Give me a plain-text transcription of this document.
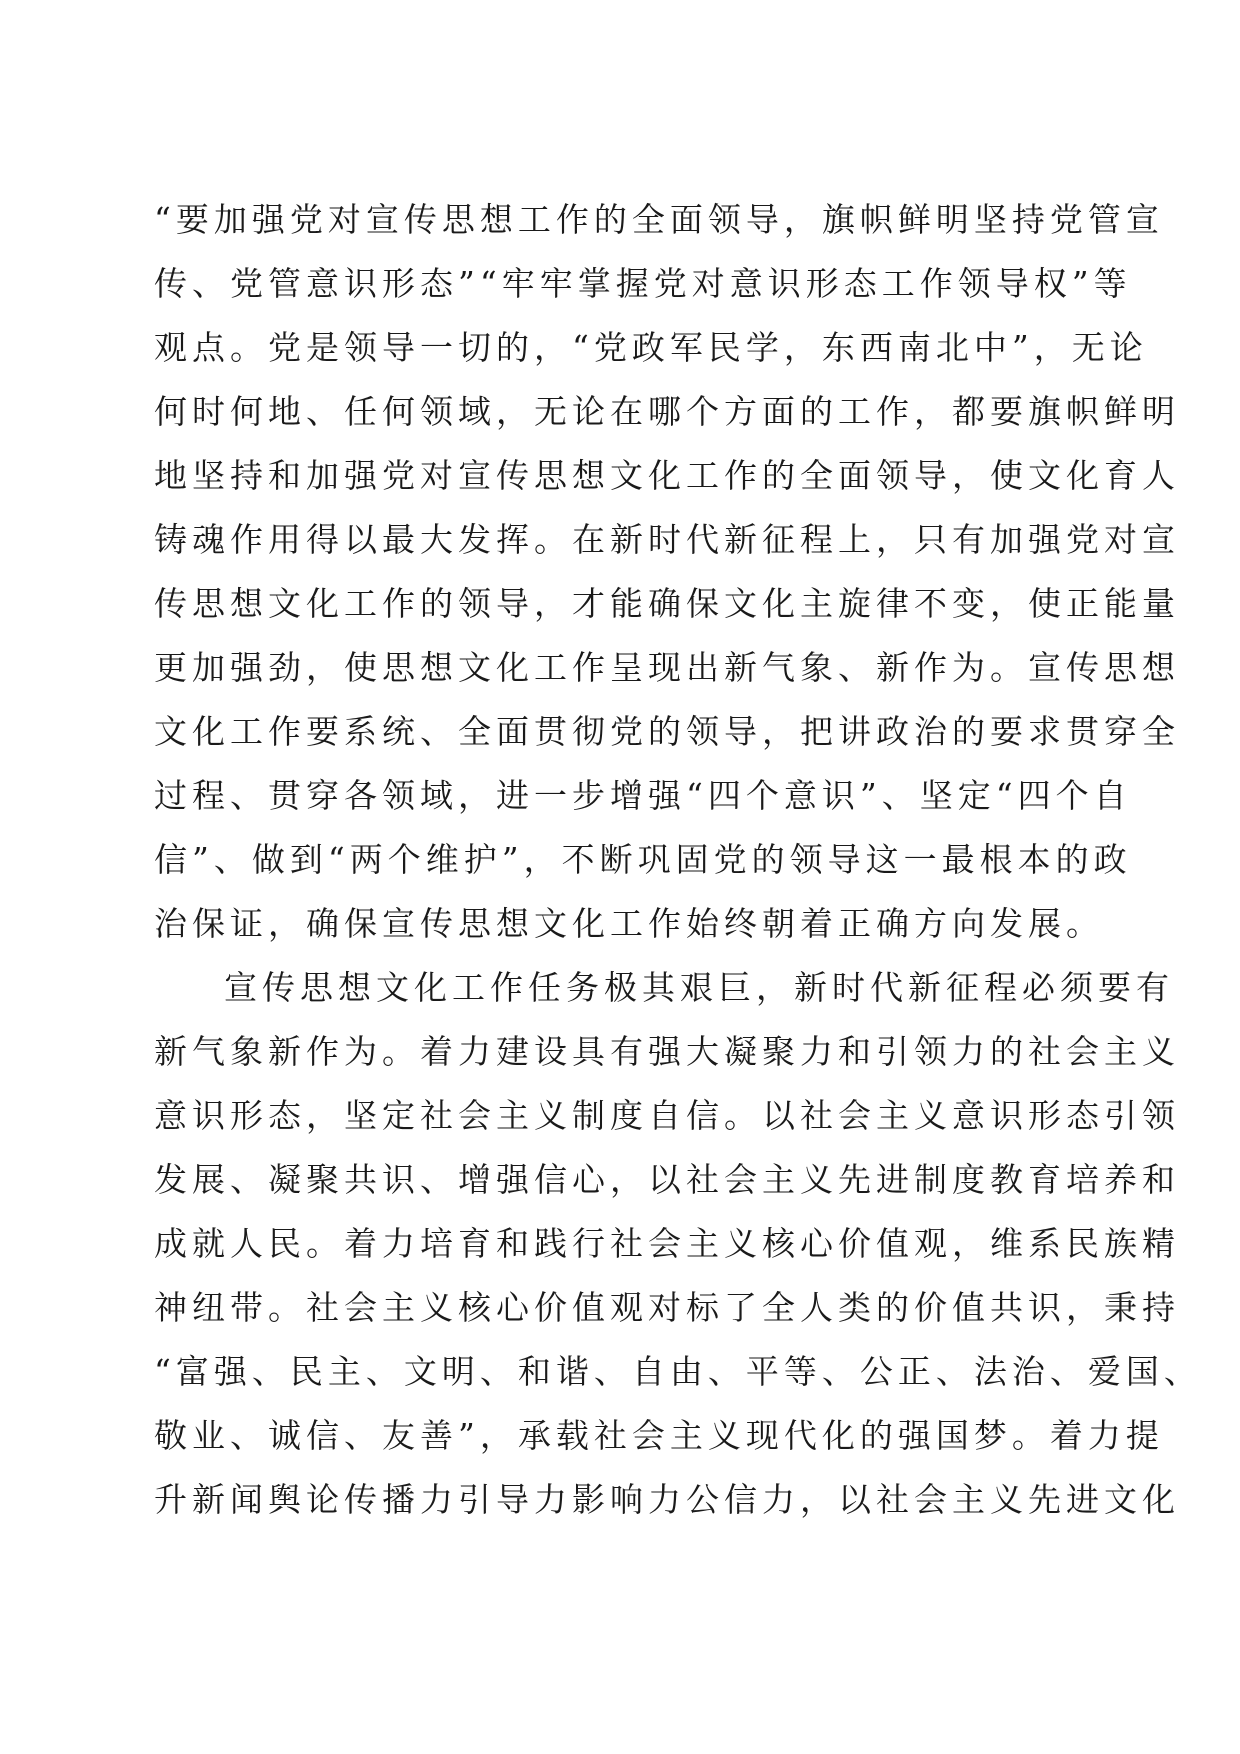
“要加强党对宣传思想工作的全面领导，旗帜鲜明坚持党管宣
传、党管意识形态”“牢牢掌握党对意识形态工作领导权”等
观点。党是领导一切的，“党政军民学，东西南北中”，无论
何时何地、任何领域，无论在哪个方面的工作，都要旗帜鲜明
地坚持和加强党对宣传思想文化工作的全面领导，使文化育人
铸魂作用得以最大发挥。在新时代新征程上，只有加强党对宣
传思想文化工作的领导，才能确保文化主旋律不变，使正能量
更加强劲，使思想文化工作呈现出新气象、新作为。宣传思想
文化工作要系统、全面贯彻党的领导，把讲政治的要求贯穿全
过程、贯穿各领域，进一步增强“四个意识”、坚定“四个自
信”、做到“两个维护”，不断巩固党的领导这一最根本的政
治保证，确保宣传思想文化工作始终朝着正确方向发展。
宣传思想文化工作任务极其艰巨，新时代新征程必须要有
新气象新作为。着力建设具有强大凝聚力和引领力的社会主义
意识形态，坚定社会主义制度自信。以社会主义意识形态引领
发展、凝聚共识、增强信心，以社会主义先进制度教育培养和
成就人民。着力培育和践行社会主义核心价值观，维系民族精
神纽带。社会主义核心价值观对标了全人类的价值共识，秉持
“富强、民主、文明、和谐、自由、平等、公正、法治、爱国、
敬业、诚信、友善”，承载社会主义现代化的强国梦。着力提
升新闻舆论传播力引导力影响力公信力，以社会主义先进文化
